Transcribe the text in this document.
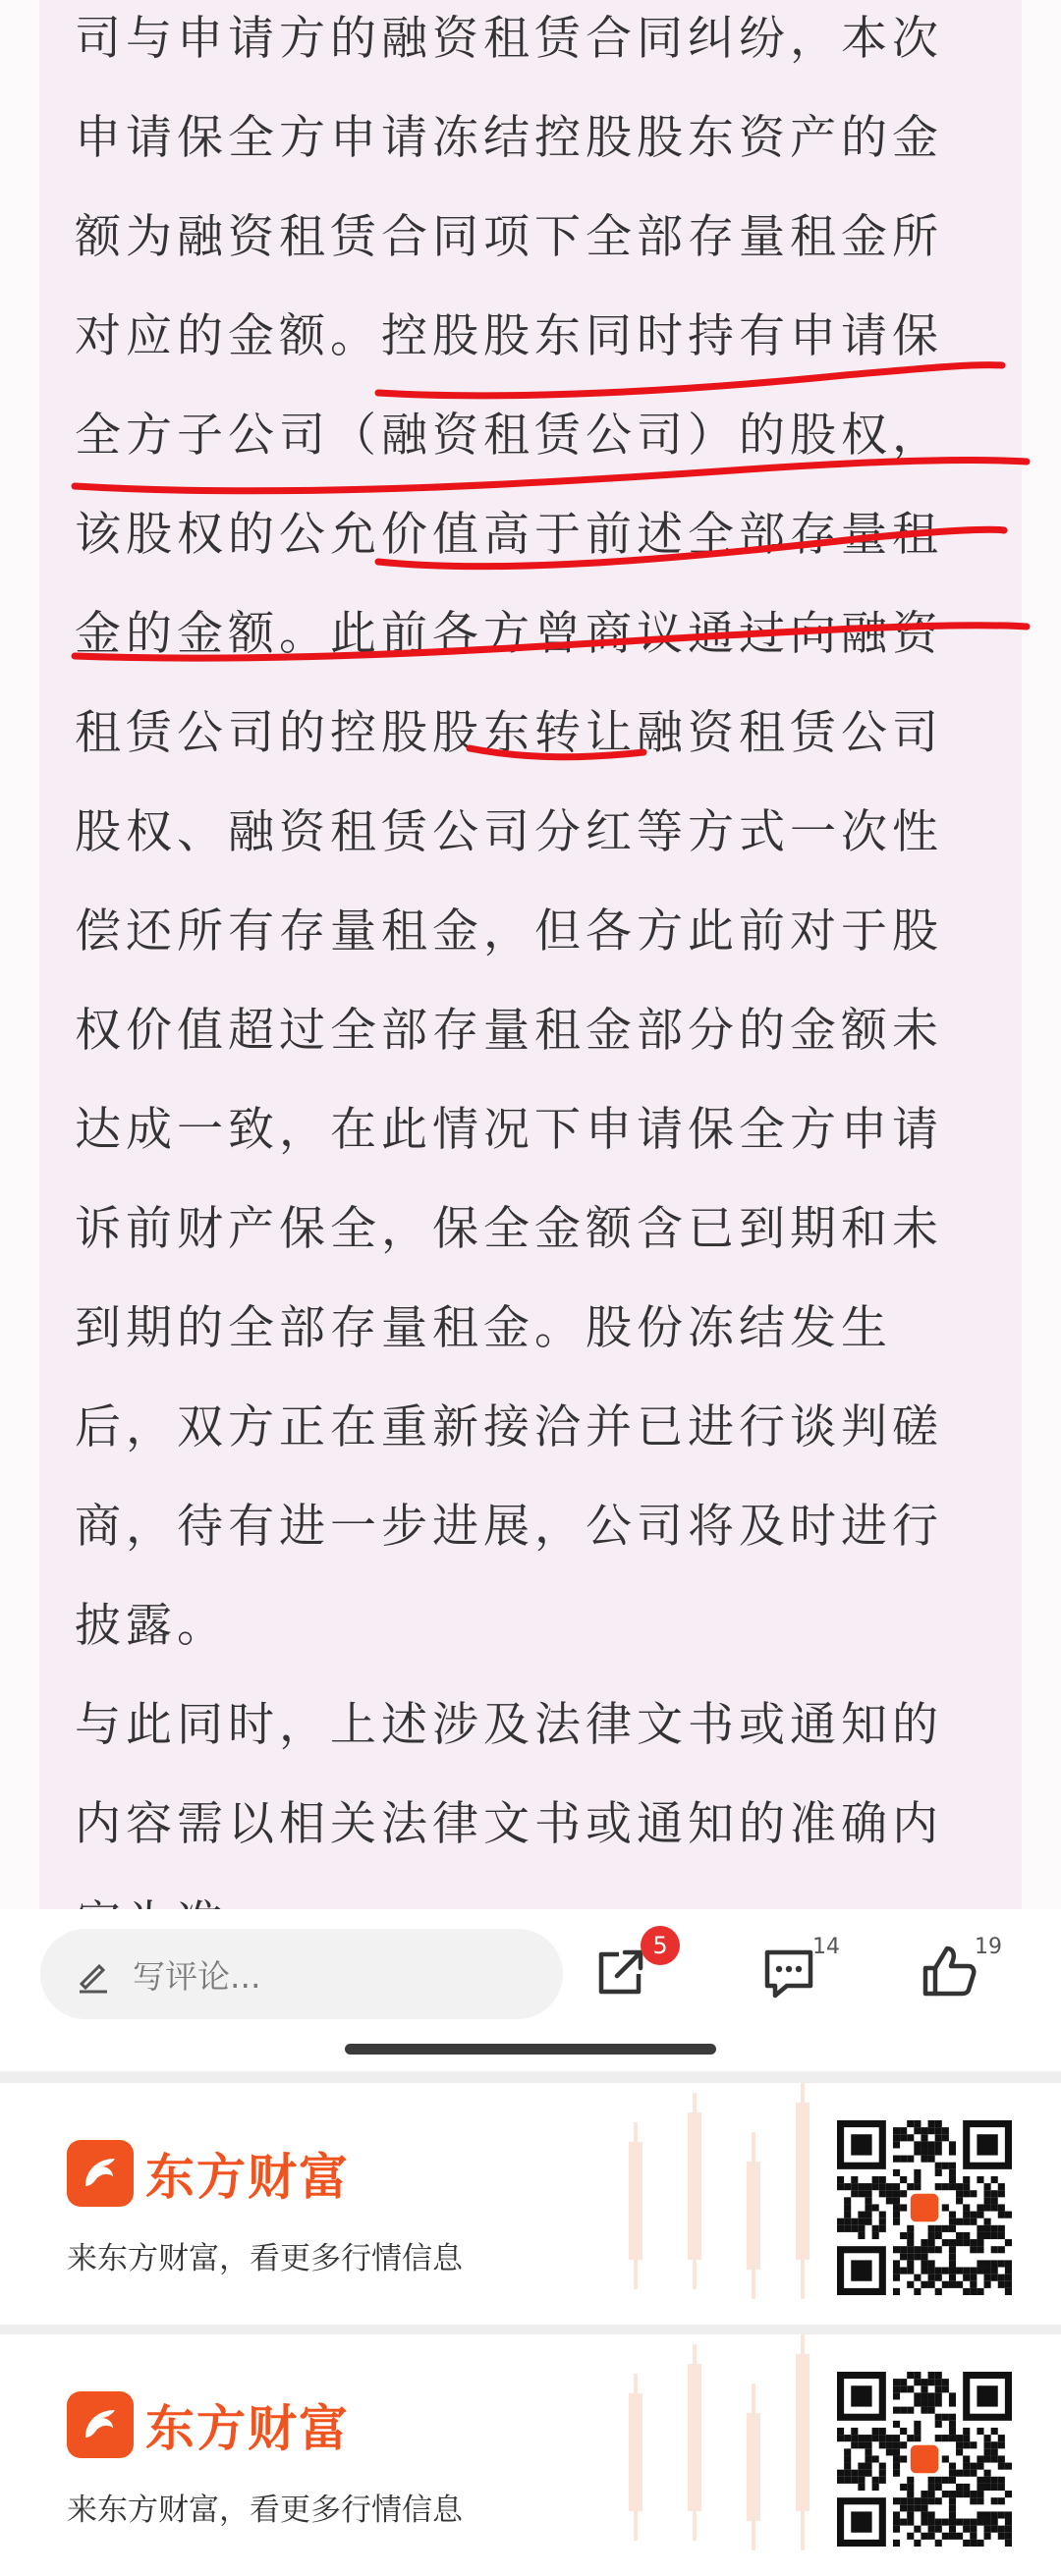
司与申请方的融资租赁合同纠纷，本次
申请保全方申请冻结控股股东资产的金
额为融资租赁合同项下全部存量租金所
对应的金额。控股股东同时持有申请保
全方子公司（融资租赁公司）的股权，
该股权的公允价值高于前述全部存量租
金的金额。此前各方曾商议通过向融资
租赁公司的控股股东转让融资租赁公司
股权、融资租赁公司分红等方式一次性
偿还所有存量租金，但各方此前对于股
权价值超过全部存量租金部分的金额未
达成一致，在此情况下申请保全方申请
诉前财产保全，保全金额含已到期和未
到期的全部存量租金。股份冻结发生
后，双方正在重新接洽并已进行谈判磋
商，待有进一步进展，公司将及时进行
披露。
与此同时，上述涉及法律文书或通知的
内容需以相关法律文书或通知的准确内
写评论...
5	14	19
东方财富
来东方财富，看更多行情信息
东方财富
来东方财富，看更多行情信息
